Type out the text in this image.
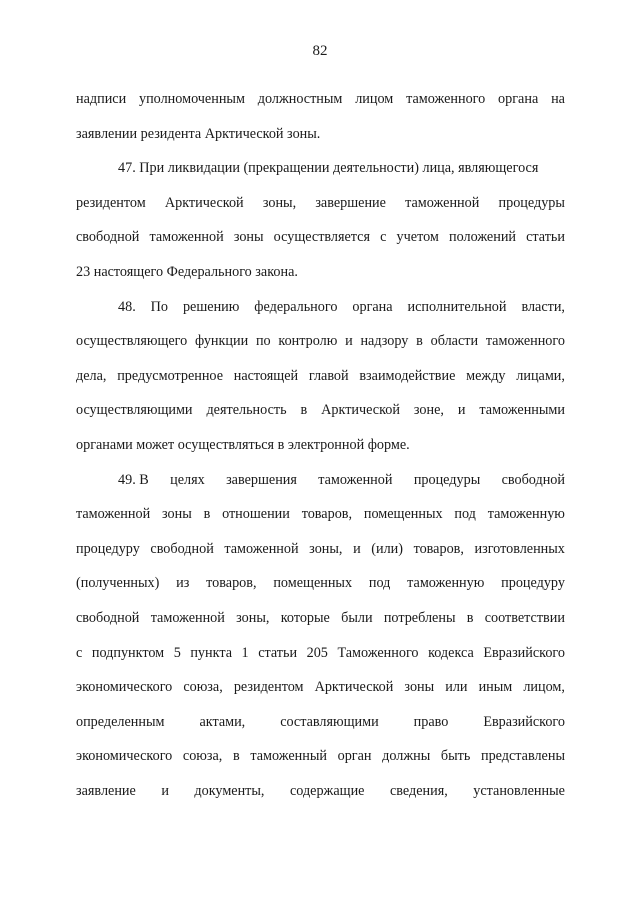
82
надписи уполномоченным должностным лицом таможенного органа на
заявлении резидента Арктической зоны.
47. При ликвидации (прекращении деятельности) лица, являющегося
резидентом Арктической зоны, завершение таможенной процедуры
свободной таможенной зоны осуществляется с учетом положений статьи
23 настоящего Федерального закона.
48. По решению федерального органа исполнительной власти,
осуществляющего функции по контролю и надзору в области таможенного
дела, предусмотренное настоящей главой взаимодействие между лицами,
осуществляющими деятельность в Арктической зоне, и таможенными
органами может осуществляться в электронной форме.
49. В целях завершения таможенной процедуры свободной
таможенной зоны в отношении товаров, помещенных под таможенную
процедуру свободной таможенной зоны, и (или) товаров, изготовленных
(полученных) из товаров, помещенных под таможенную процедуру
свободной таможенной зоны, которые были потреблены в соответствии
с подпунктом 5 пункта 1 статьи 205 Таможенного кодекса Евразийского
экономического союза, резидентом Арктической зоны или иным лицом,
определенным актами, составляющими право Евразийского
экономического союза, в таможенный орган должны быть представлены
заявление и документы, содержащие сведения, установленные
